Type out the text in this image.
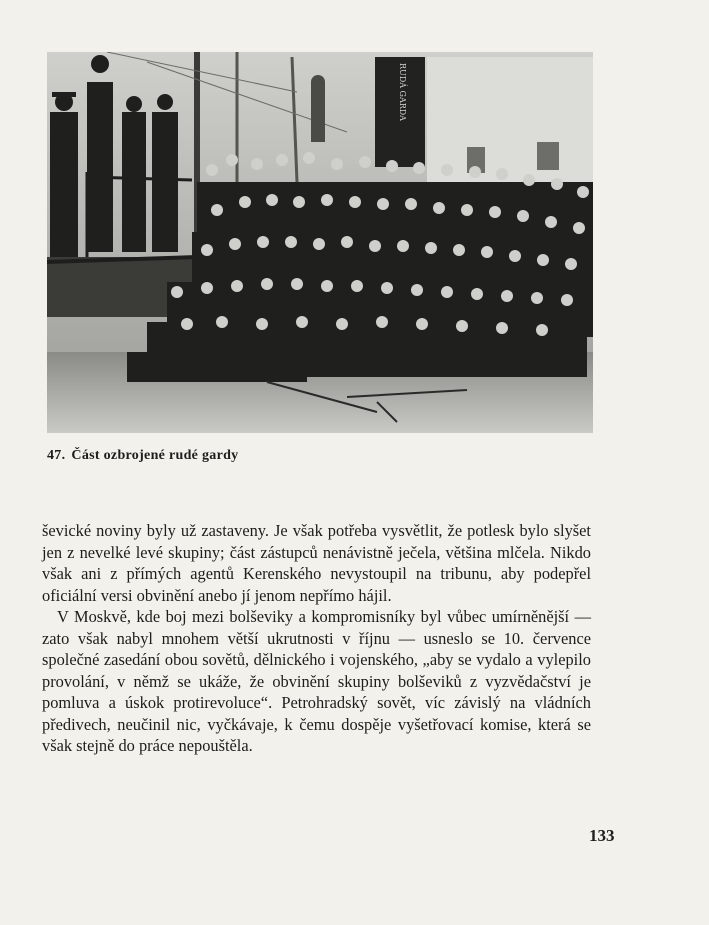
RUDÁ GARDA
47. Část ozbrojené rudé gardy

ševické noviny byly už zastaveny. Je však potřeba vysvětlit, že potlesk bylo slyšet jen z nevelké levé skupiny; část zástupců nenávistně ječela, většina mlčela. Nikdo však ani z přímých agentů Kerenského nevystoupil na tribunu, aby podepřel oficiální versi obvinění anebo jí jenom nepřímo hájil.

V Moskvě, kde boj mezi bolševiky a kompromisníky byl vůbec umírněnější — zato však nabyl mnohem větší ukrutnosti v říjnu — usneslo se 10. července společné zasedání obou sovětů, dělnického i vojenského, „aby se vydalo a vylepilo provolání, v němž se ukáže, že obvinění skupiny bolševiků z vyzvědačství je pomluva a úskok protirevoluce“. Petrohradský sovět, víc závislý na vládních předivech, neučinil nic, vyčkávaje, k čemu dospěje vyšetřovací komise, která se však stejně do práce nepouštěla.

133
